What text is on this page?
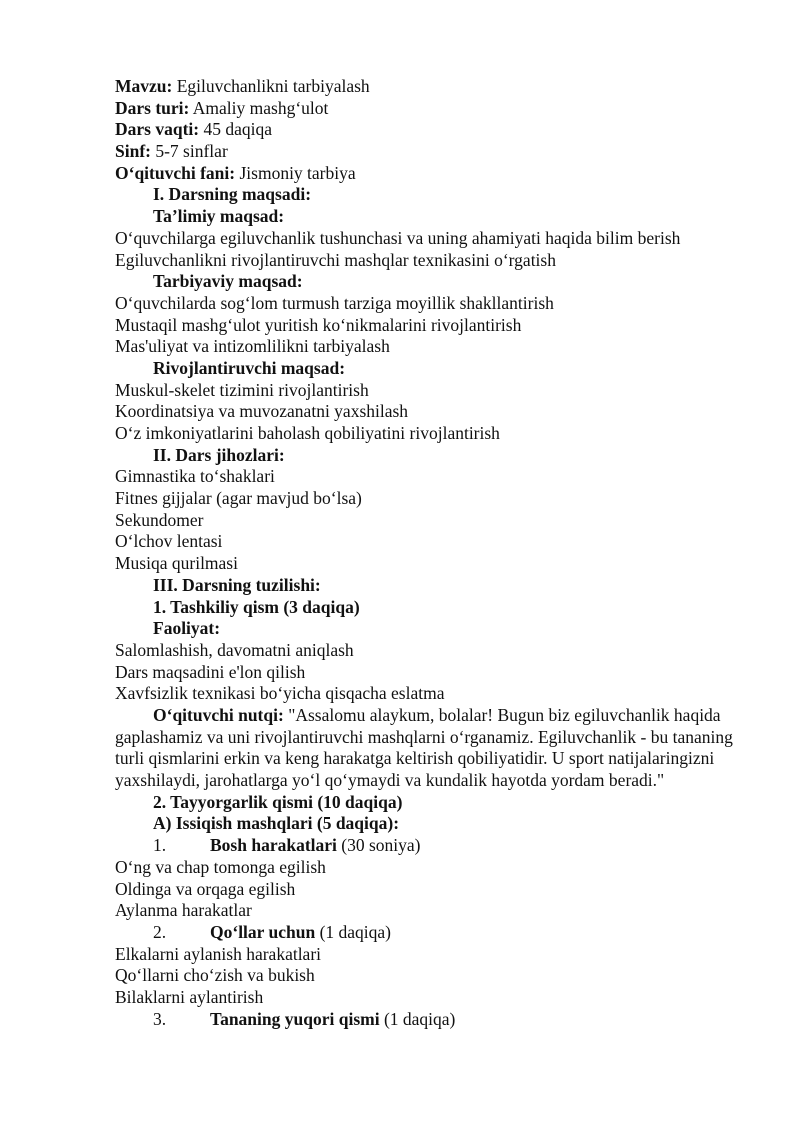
Mavzu: Egiluvchanlikni tarbiyalash
Dars turi: Amaliy mashgʻulot
Dars vaqti: 45 daqiqa
Sinf: 5-7 sinflar
Oʻqituvchi fani: Jismoniy tarbiya
I. Darsning maqsadi:
Ta’limiy maqsad:
Oʻquvchilarga egiluvchanlik tushunchasi va uning ahamiyati haqida bilim berish
Egiluvchanlikni rivojlantiruvchi mashqlar texnikasini oʻrgatish
Tarbiyaviy maqsad:
Oʻquvchilarda sogʻlom turmush tarziga moyillik shakllantirish
Mustaqil mashgʻulot yuritish koʻnikmalarini rivojlantirish
Mas'uliyat va intizomlilikni tarbiyalash
Rivojlantiruvchi maqsad:
Muskul-skelet tizimini rivojlantirish
Koordinatsiya va muvozanatni yaxshilash
Oʻz imkoniyatlarini baholash qobiliyatini rivojlantirish
II. Dars jihozlari:
Gimnastika toʻshaklari
Fitnes gijjalar (agar mavjud boʻlsa)
Sekundomer
Oʻlchov lentasi
Musiqa qurilmasi
III. Darsning tuzilishi:
1. Tashkiliy qism (3 daqiqa)
Faoliyat:
Salomlashish, davomatni aniqlash
Dars maqsadini e'lon qilish
Xavfsizlik texnikasi boʻyicha qisqacha eslatma
Oʻqituvchi nutqi: "Assalomu alaykum, bolalar! Bugun biz egiluvchanlik haqida gaplashamiz va uni rivojlantiruvchi mashqlarni oʻrganamiz. Egiluvchanlik - bu tananing turli qismlarini erkin va keng harakatga keltirish qobiliyatidir. U sport natijalaringizni yaxshilaydi, jarohatlarga yoʻl qoʻymaydi va kundalik hayotda yordam beradi."
2. Tayyorgarlik qismi (10 daqiqa)
A) Issiqish mashqlari (5 daqiqa):
1.	Bosh harakatlari (30 soniya)
Oʻng va chap tomonga egilish
Oldinga va orqaga egilish
Aylanma harakatlar
2.	Qoʻllar uchun (1 daqiqa)
Elkalarni aylanish harakatlari
Qoʻllarni choʻzish va bukish
Bilaklarni aylantirish
3.	Tananing yuqori qismi (1 daqiqa)
